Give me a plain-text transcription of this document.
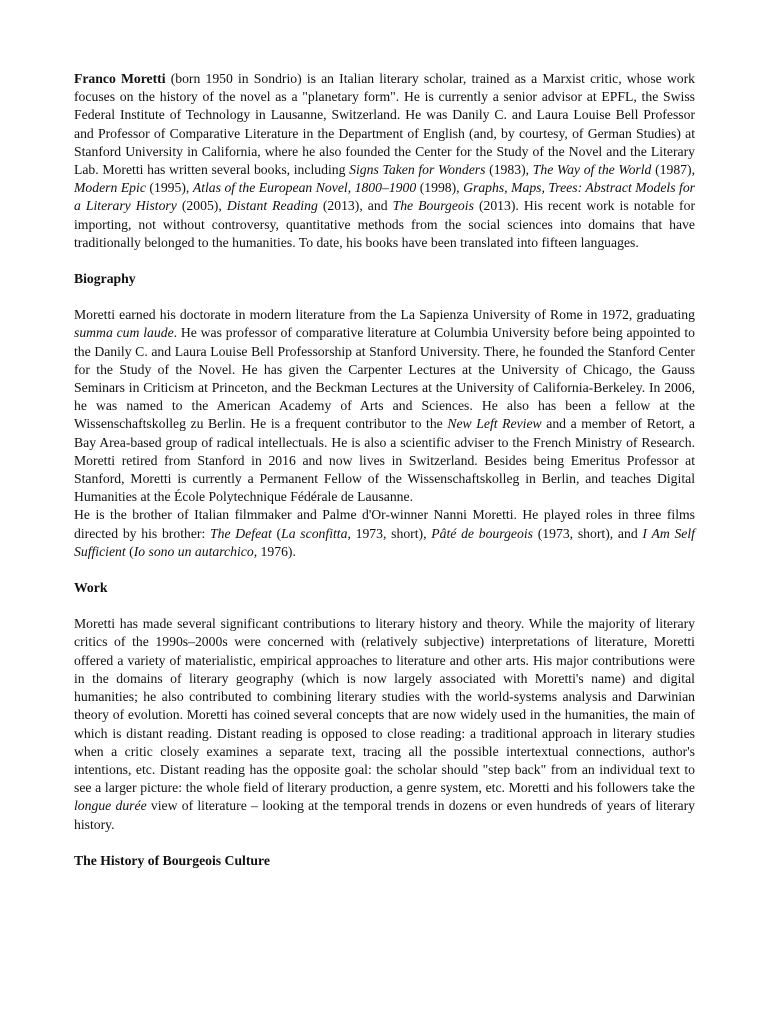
Franco Moretti (born 1950 in Sondrio) is an Italian literary scholar, trained as a Marxist critic, whose work focuses on the history of the novel as a "planetary form". He is currently a senior advisor at EPFL, the Swiss Federal Institute of Technology in Lausanne, Switzerland. He was Danily C. and Laura Louise Bell Professor and Professor of Comparative Literature in the Department of English (and, by courtesy, of German Studies) at Stanford University in California, where he also founded the Center for the Study of the Novel and the Literary Lab. Moretti has written several books, including Signs Taken for Wonders (1983), The Way of the World (1987), Modern Epic (1995), Atlas of the European Novel, 1800–1900 (1998), Graphs, Maps, Trees: Abstract Models for a Literary History (2005), Distant Reading (2013), and The Bourgeois (2013). His recent work is notable for importing, not without controversy, quantitative methods from the social sciences into domains that have traditionally belonged to the humanities. To date, his books have been translated into fifteen languages.

Biography

Moretti earned his doctorate in modern literature from the La Sapienza University of Rome in 1972, graduating summa cum laude. He was professor of comparative literature at Columbia University before being appointed to the Danily C. and Laura Louise Bell Professorship at Stanford University. There, he founded the Stanford Center for the Study of the Novel. He has given the Carpenter Lectures at the University of Chicago, the Gauss Seminars in Criticism at Princeton, and the Beckman Lectures at the University of California-Berkeley. In 2006, he was named to the American Academy of Arts and Sciences. He also has been a fellow at the Wissenschaftskolleg zu Berlin. He is a frequent contributor to the New Left Review and a member of Retort, a Bay Area-based group of radical intellectuals. He is also a scientific adviser to the French Ministry of Research. Moretti retired from Stanford in 2016 and now lives in Switzerland. Besides being Emeritus Professor at Stanford, Moretti is currently a Permanent Fellow of the Wissenschaftskolleg in Berlin, and teaches Digital Humanities at the École Polytechnique Fédérale de Lausanne.

He is the brother of Italian filmmaker and Palme d'Or-winner Nanni Moretti. He played roles in three films directed by his brother: The Defeat (La sconfitta, 1973, short), Pâté de bourgeois (1973, short), and I Am Self Sufficient (Io sono un autarchico, 1976).

Work

Moretti has made several significant contributions to literary history and theory. While the majority of literary critics of the 1990s–2000s were concerned with (relatively subjective) interpretations of literature, Moretti offered a variety of materialistic, empirical approaches to literature and other arts. His major contributions were in the domains of literary geography (which is now largely associated with Moretti's name) and digital humanities; he also contributed to combining literary studies with the world-systems analysis and Darwinian theory of evolution. Moretti has coined several concepts that are now widely used in the humanities, the main of which is distant reading. Distant reading is opposed to close reading: a traditional approach in literary studies when a critic closely examines a separate text, tracing all the possible intertextual connections, author's intentions, etc. Distant reading has the opposite goal: the scholar should "step back" from an individual text to see a larger picture: the whole field of literary production, a genre system, etc. Moretti and his followers take the longue durée view of literature – looking at the temporal trends in dozens or even hundreds of years of literary history.

The History of Bourgeois Culture
